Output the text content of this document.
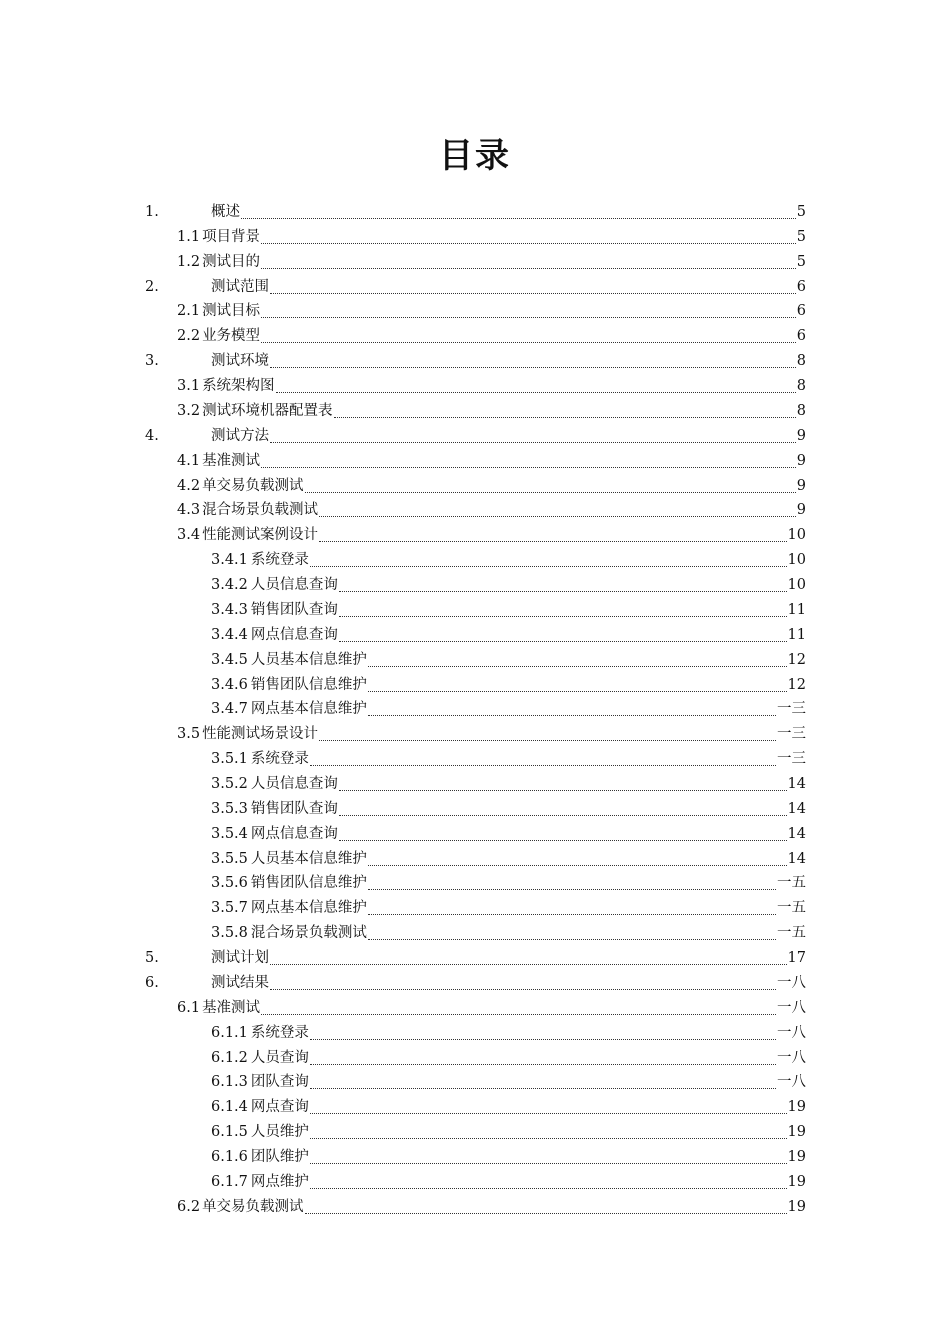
目录
1.	概述	5
1.1 项目背景	5
1.2 测试目的	5
2.	测试范围	6
2.1 测试目标	6
2.2 业务模型	6
3.	测试环境	8
3.1 系统架构图	8
3.2 测试环境机器配置表	8
4.	测试方法	9
4.1 基准测试	9
4.2 单交易负载测试	9
4.3 混合场景负载测试	9
3.4 性能测试案例设计	10
3.4.1 系统登录	10
3.4.2 人员信息查询	10
3.4.3 销售团队查询	11
3.4.4 网点信息查询	11
3.4.5 人员基本信息维护	12
3.4.6 销售团队信息维护	12
3.4.7 网点基本信息维护	一三
3.5 性能测试场景设计	一三
3.5.1 系统登录	一三
3.5.2 人员信息查询	14
3.5.3 销售团队查询	14
3.5.4 网点信息查询	14
3.5.5 人员基本信息维护	14
3.5.6 销售团队信息维护	一五
3.5.7 网点基本信息维护	一五
3.5.8 混合场景负载测试	一五
5.	测试计划	17
6.	测试结果	一八
6.1 基准测试	一八
6.1.1 系统登录	一八
6.1.2 人员查询	一八
6.1.3 团队查询	一八
6.1.4 网点查询	19
6.1.5 人员维护	19
6.1.6 团队维护	19
6.1.7 网点维护	19
6.2 单交易负载测试	19
